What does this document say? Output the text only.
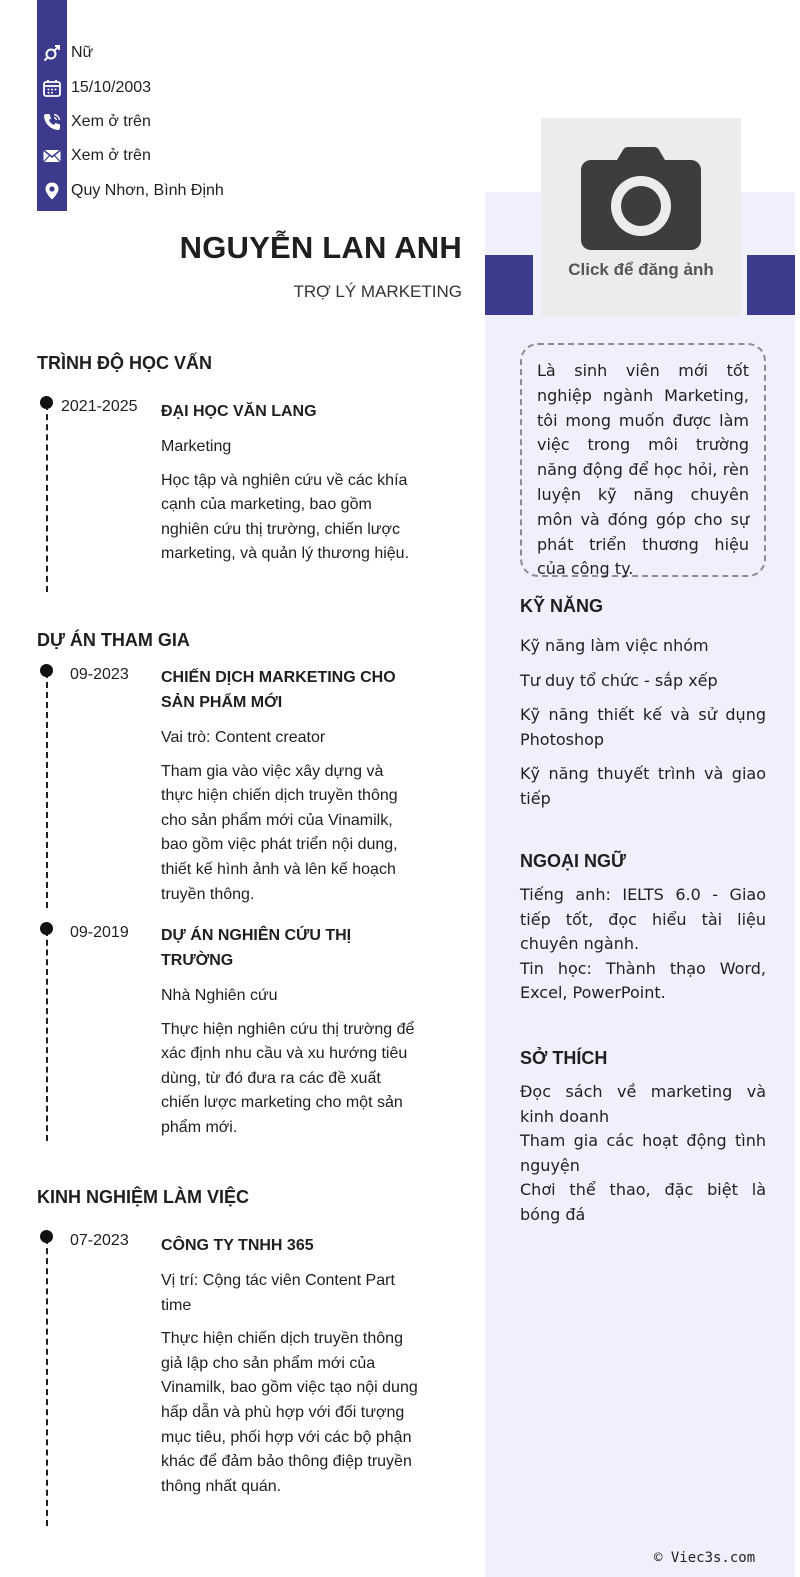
Nữ
15/10/2003
Xem ở trên
Xem ở trên
Quy Nhơn, Bình Định
Click để đăng ảnh
NGUYỄN LAN ANH
TRỢ LÝ MARKETING
Là sinh viên mới tốt nghiệp ngành Marketing, tôi mong muốn được làm việc trong môi trường năng động để học hỏi, rèn luyện kỹ năng chuyên môn và đóng góp cho sự phát triển thương hiệu của công ty.
KỸ NĂNG
Kỹ năng làm việc nhóm
Tư duy tổ chức - sắp xếp
Kỹ năng thiết kế và sử dụng Photoshop
Kỹ năng thuyết trình và giao tiếp
NGOẠI NGỮ
Tiếng anh: IELTS 6.0 - Giao tiếp tốt, đọc hiểu tài liệu chuyên ngành.
Tin học: Thành thạo Word, Excel, PowerPoint.
SỞ THÍCH
Đọc sách về marketing và kinh doanh
Tham gia các hoạt động tình nguyện
Chơi thể thao, đặc biệt là bóng đá
© Viec3s.com
TRÌNH ĐỘ HỌC VẤN
2021-2025 ĐẠI HỌC VĂN LANG
Marketing
Học tập và nghiên cứu về các khía cạnh của marketing, bao gồm nghiên cứu thị trường, chiến lược marketing, và quản lý thương hiệu.
DỰ ÁN THAM GIA
09-2023 CHIẾN DỊCH MARKETING CHO SẢN PHẨM MỚI
Vai trò: Content creator
Tham gia vào việc xây dựng và thực hiện chiến dịch truyền thông cho sản phẩm mới của Vinamilk, bao gồm việc phát triển nội dung, thiết kế hình ảnh và lên kế hoạch truyền thông.
09-2019 DỰ ÁN NGHIÊN CỨU THỊ TRƯỜNG
Nhà Nghiên cứu
Thực hiện nghiên cứu thị trường để xác định nhu cầu và xu hướng tiêu dùng, từ đó đưa ra các đề xuất chiến lược marketing cho một sản phẩm mới.
KINH NGHIỆM LÀM VIỆC
07-2023 CÔNG TY TNHH 365
Vị trí: Cộng tác viên Content Part time
Thực hiện chiến dịch truyền thông giả lập cho sản phẩm mới của Vinamilk, bao gồm việc tạo nội dung hấp dẫn và phù hợp với đối tượng mục tiêu, phối hợp với các bộ phận khác để đảm bảo thông điệp truyền thông nhất quán.
